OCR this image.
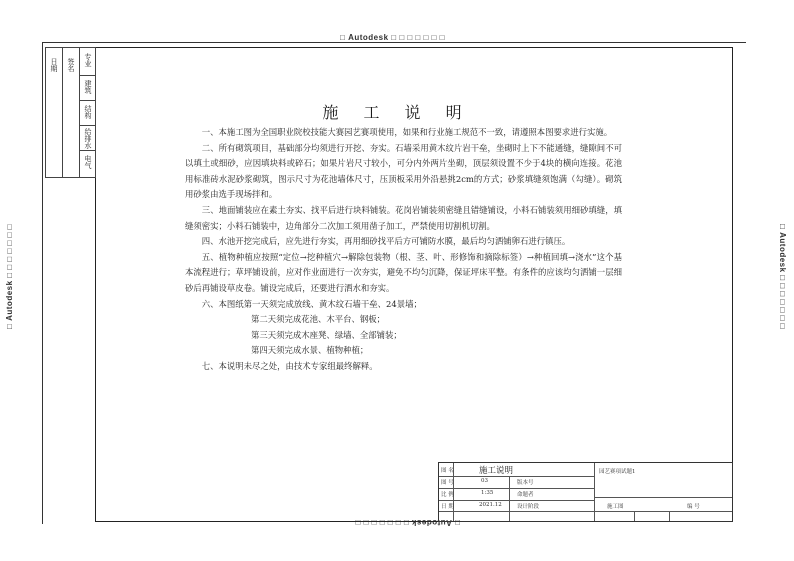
□ Autodesk □ □ □ □ □ □ □
□ Autodesk □ □ □ □ □ □ □
□ Autodesk □ □ □ □ □ □ □	□ Autodesk □ □ □ □ □ □ □
日期 签名 专业
建筑
结构
给排水
电气
施 工 说 明

一、本施工图为全国职业院校技能大赛园艺赛项使用，如果和行业施工规范不一致，请遵照本图要求进行实施。

二、所有砌筑项目，基础部分均须进行开挖、夯实。石墙采用黄木纹片岩干垒，坐砌时上下不能通缝，缝隙间不可以填土或细砂，应因填块料或碎石；如果片岩尺寸较小，可分内外两片坐砌，顶层须设置不少于4块的横向连接。花池用标准砖水泥砂浆砌筑，图示尺寸为花池墙体尺寸，压顶板采用外沿悬挑2cm的方式；砂浆填缝须饱满（勾缝）。砌筑用砂浆由选手现场拌和。

三、地面铺装应在素土夯实、找平后进行块料铺装。花岗岩铺装须密缝且错缝铺设，小料石铺装须用细砂填缝，填缝须密实；小料石铺装中，边角部分二次加工须用凿子加工，严禁使用切割机切割。

四、水池开挖完成后，应先进行夯实，再用细砂找平后方可铺防水膜，最后均匀洒铺卵石进行镇压。

五、植物种植应按照“定位→挖种植穴→解除包装物（根、茎、叶、形修饰和摘除标签）→种植回填→浇水”这个基本流程进行；草坪铺设前，应对作业面进行一次夯实，避免不均匀沉降，保证坪床平整。有条件的应该均匀洒铺一层细砂后再铺设草皮卷。铺设完成后，还要进行洒水和夯实。

六、本图纸第一天须完成放线、黄木纹石墙干垒、24景墙；

第二天须完成花池、木平台、钢板；

第三天须完成木座凳、绿墙、全部铺装；

第四天须完成水景、植物种植；

七、本说明未尽之处，由技术专家组最终解释。

图 名	施工说明	园艺赛项试题1
图 号	03	版本号
比 例	1:35	命题者
日 期	2021.12	设计阶段	施工图	编 号
